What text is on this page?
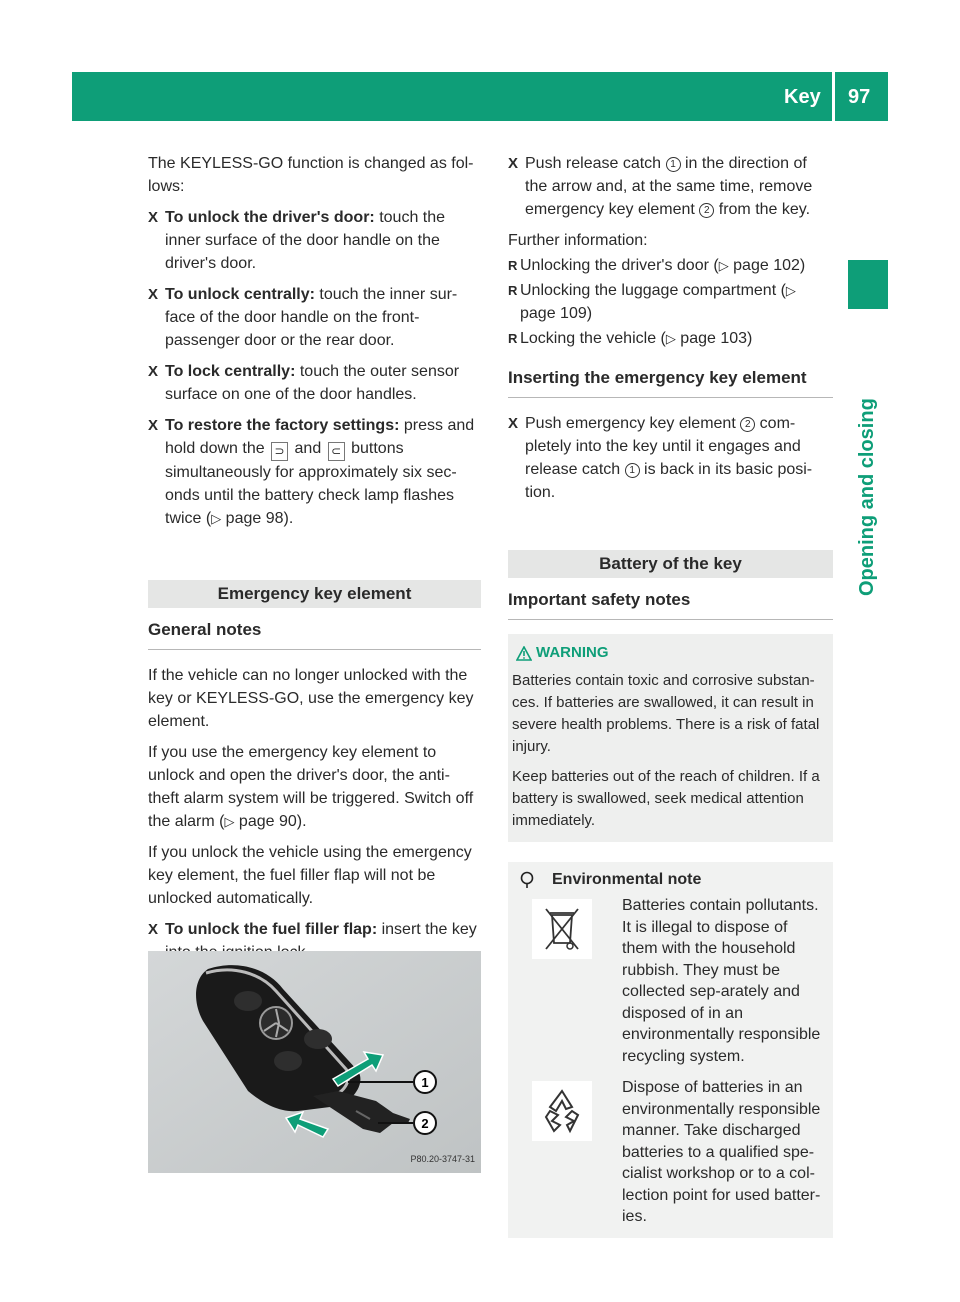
Key 97
Opening and closing

The KEYLESS-GO function is changed as fol-lows:

X To unlock the driver's door: touch the inner surface of the door handle on the driver's door.
X To unlock centrally: touch the inner sur-face of the door handle on the front-passenger door or the rear door.
X To lock centrally: touch the outer sensor surface on one of the door handles.
X To restore the factory settings: press and hold down the ⊃ and ⊂ buttons simultaneously for approximately six sec-onds until the battery check lamp flashes twice (▷ page 98).
Emergency key element
General notes

If the vehicle can no longer unlocked with the key or KEYLESS-GO, use the emergency key element.

If you use the emergency key element to unlock and open the driver's door, the anti-theft alarm system will be triggered. Switch off the alarm (▷ page 90).

If you unlock the vehicle using the emergency key element, the fuel filler flap will not be unlocked automatically.

X To unlock the fuel filler flap: insert the key
1
2
P80.20-3747-31
X Push release catch 1 in the direction of the arrow and, at the same time, remove emergency key element 2 from the key.

Further information:

R Unlocking the driver's door (▷ page 102)
R Unlocking the luggage compartment (▷ page 109)
R Locking the vehicle (▷ page 103)
Inserting the emergency key element
X Push emergency key element 2 com-pletely into the key until it engages and release catch 1 is back in its basic posi-tion.
Battery of the key
Important safety notes
WARNING

Batteries contain toxic and corrosive substan-ces. If batteries are swallowed, it can result in severe health problems. There is a risk of fatal injury.

Keep batteries out of the reach of children. If a battery is swallowed, seek medical attention immediately.

Environmental note
Batteries contain pollutants. It is illegal to dispose of them with the household rubbish. They must be collected sep-arately and disposed of in an environmentally responsible recycling system.
Dispose of batteries in an environmentally responsible manner. Take discharged batteries to a qualified spe-cialist workshop or to a col-lection point for used batter-ies.
